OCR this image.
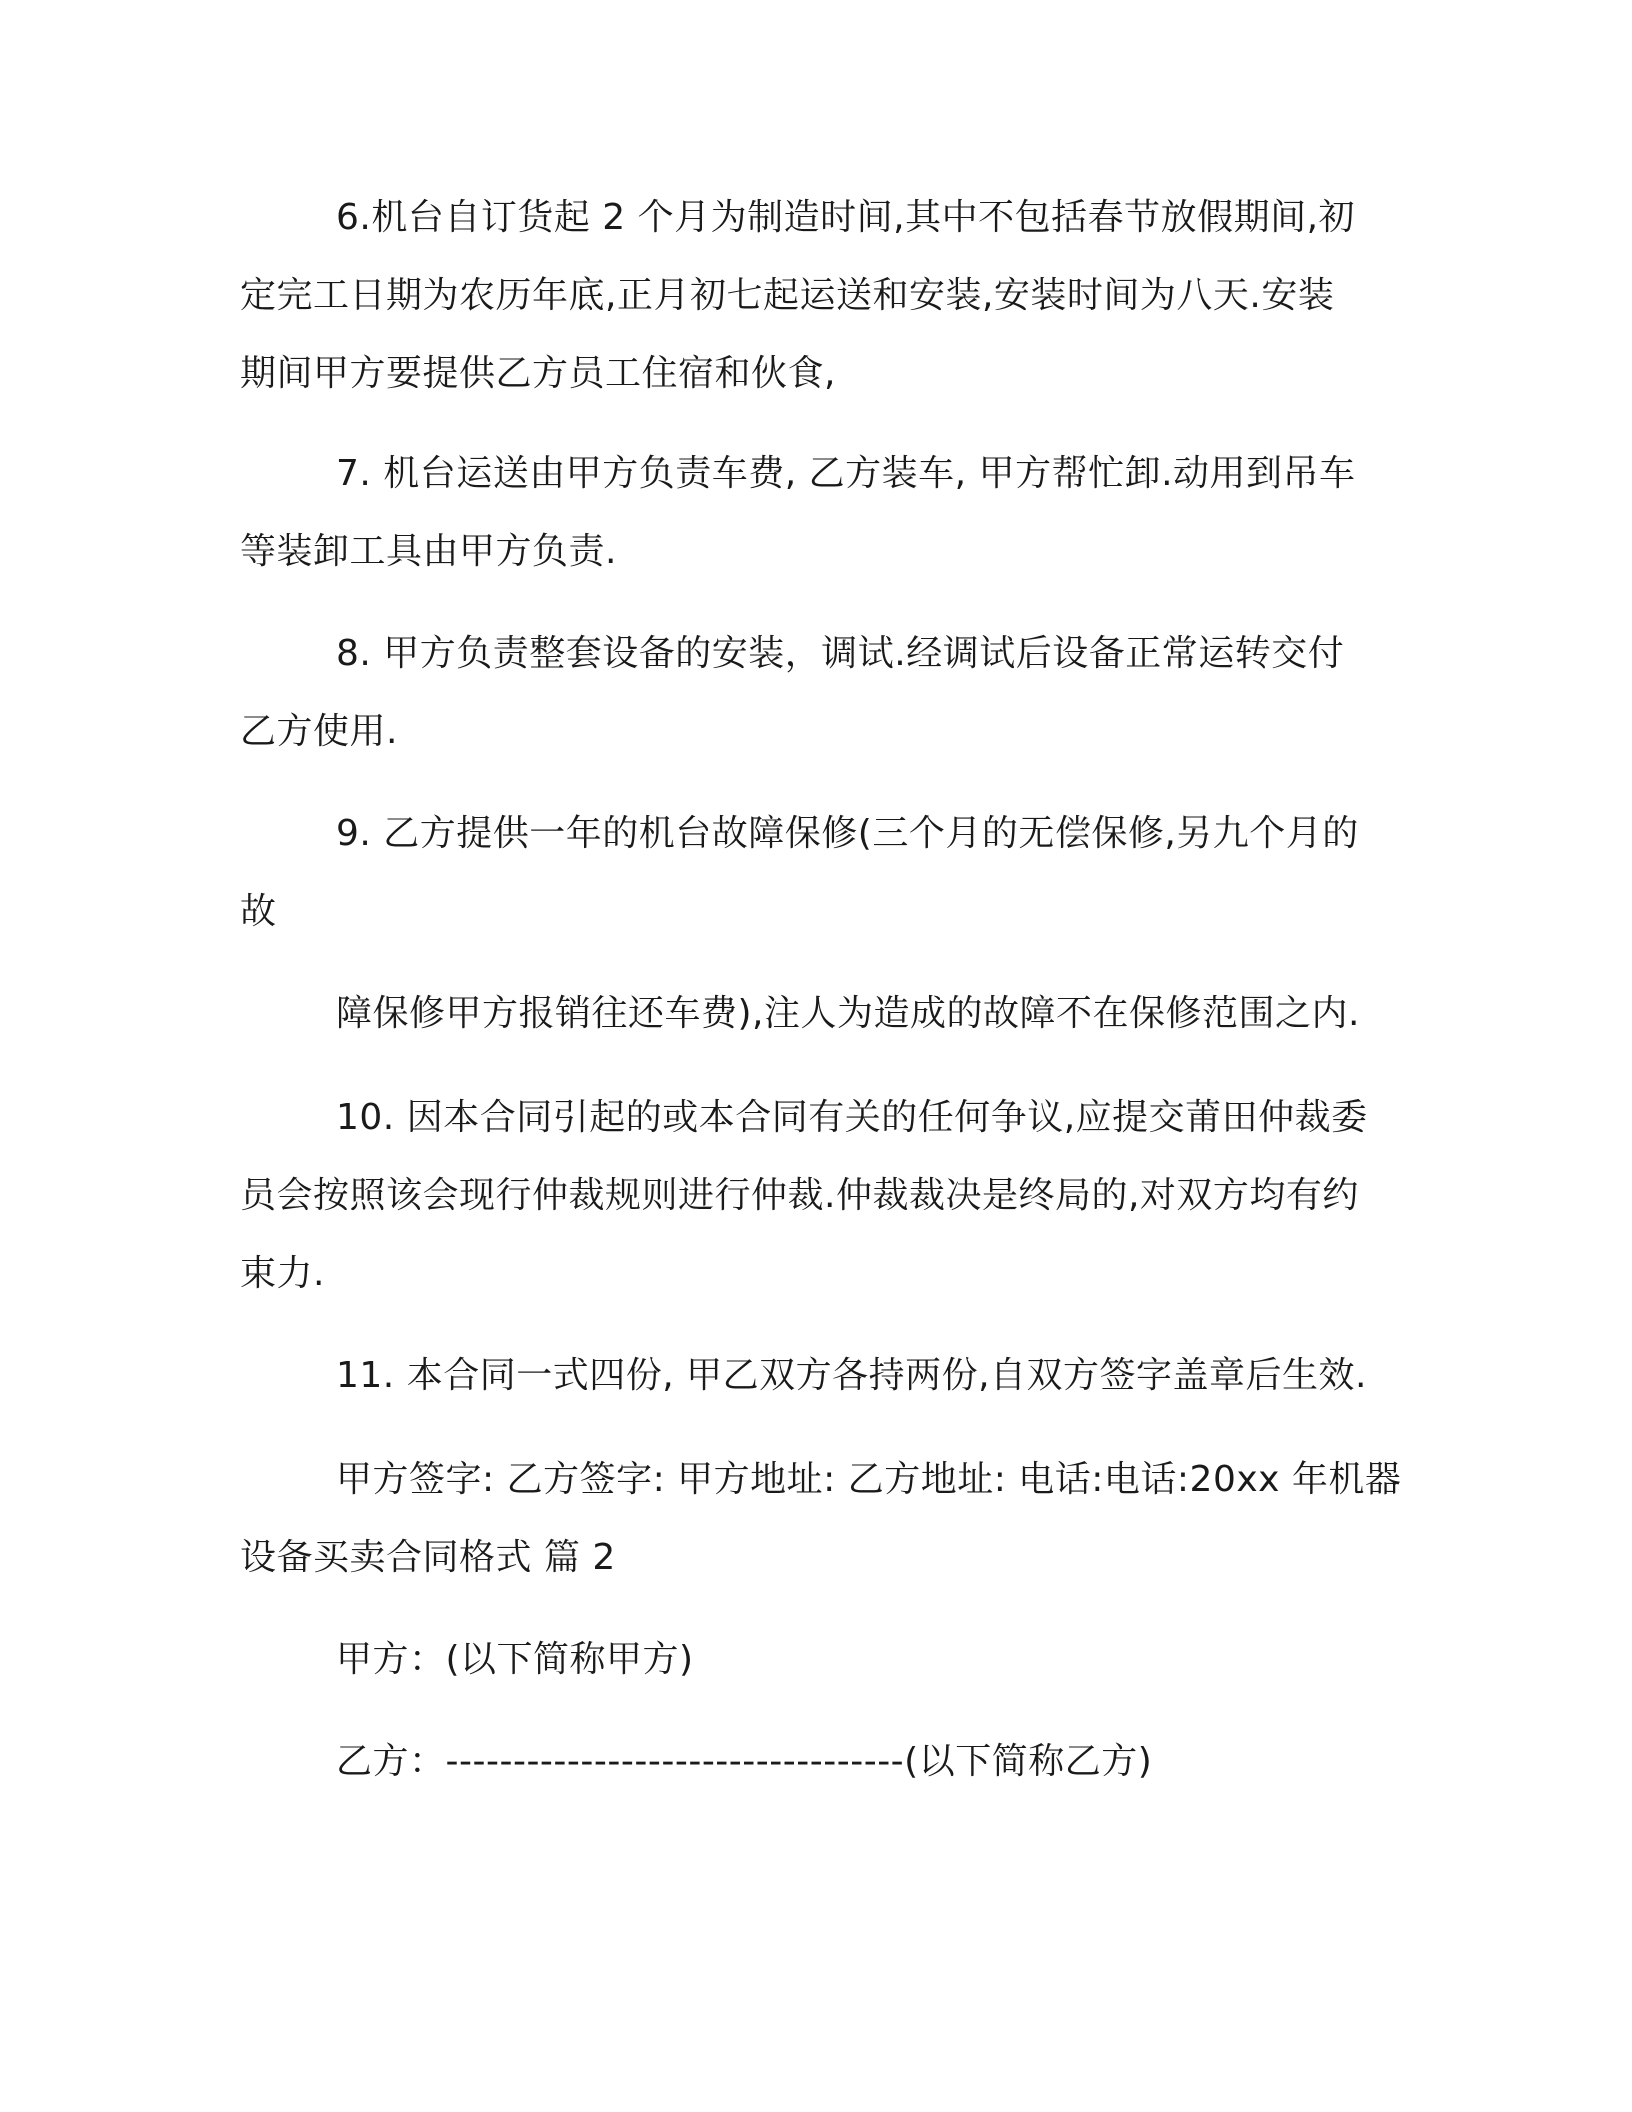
6.机台自订货起 2 个月为制造时间,其中不包括春节放假期间,初
定完工日期为农历年底,正月初七起运送和安装,安装时间为八天.安装
期间甲方要提供乙方员工住宿和伙食,
7. 机台运送由甲方负责车费, 乙方装车, 甲方帮忙卸.动用到吊车
等装卸工具由甲方负责.
8. 甲方负责整套设备的安装，调试.经调试后设备正常运转交付
乙方使用.
9. 乙方提供一年的机台故障保修(三个月的无偿保修,另九个月的
故
障保修甲方报销往还车费),注人为造成的故障不在保修范围之内.
10. 因本合同引起的或本合同有关的任何争议,应提交莆田仲裁委
员会按照该会现行仲裁规则进行仲裁.仲裁裁决是终局的,对双方均有约
束力.
11. 本合同一式四份, 甲乙双方各持两份,自双方签字盖章后生效.
甲方签字: 乙方签字: 甲方地址: 乙方地址: 电话:电话:20xx 年机器
设备买卖合同格式 篇 2
甲方：(以下简称甲方)
乙方：----------------------------------(以下简称乙方)
